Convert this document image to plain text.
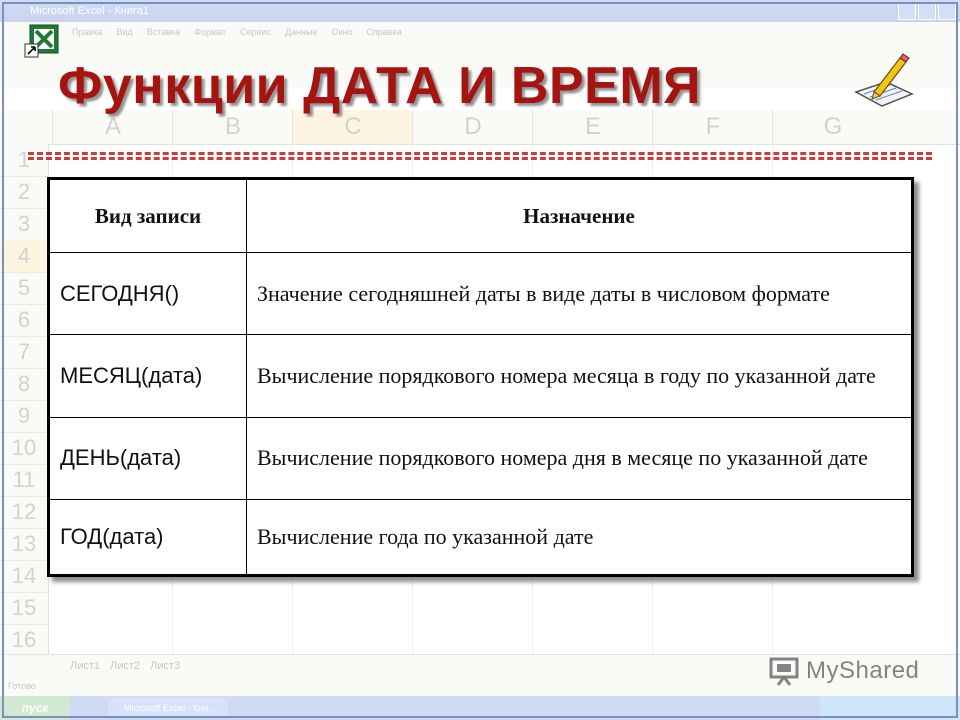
Microsoft Excel - Книга1
Правка Вид Вставка Формат Сервис Данные Окно Справка
A	B	C	D	E	F	G
1
2
3
4
5
6
7
8
9
10
11
12
13
14
15
16
Лист1 Лист2 Лист3
Готово
пуск	Microsoft Excel - Кни...
Функции ДАТА И ВРЕМЯ
Вид записи	Назначение
СЕГОДНЯ()	Значение сегодняшней даты в виде даты в числовом формате
МЕСЯЦ(дата)	Вычисление порядкового номера месяца в году по указанной дате
ДЕНЬ(дата)	Вычисление порядкового номера дня в месяце по указанной дате
ГОД(дата)	Вычисление года по указанной дате
MyShared
